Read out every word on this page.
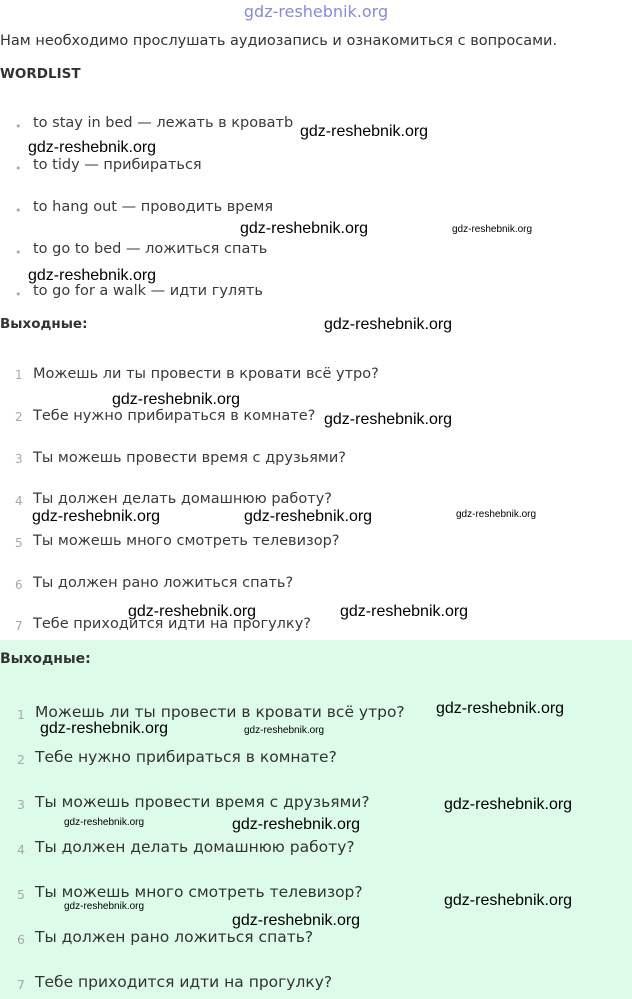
gdz-reshebnik.org
Нам необходимо прослушать аудиозапись и ознакомиться с вопросами.
WORDLIST
• to stay in bed — лежать в кроватb
• to tidy — прибираться
• to hang out — проводить время
• to go to bed — ложиться спать
• to go for a walk — идти гулять
Выходные:
1 Можешь ли ты провести в кровати всё утро?
2 Тебе нужно прибираться в комнате?
3 Ты можешь провести время с друзьями?
4 Ты должен делать домашнюю работу?
5 Ты можешь много смотреть телевизор?
6 Ты должен рано ложиться спать?
7 Тебе приходится идти на прогулку?
Выходные:
1 Можешь ли ты провести в кровати всё утро?
2 Тебе нужно прибираться в комнате?
3 Ты можешь провести время с друзьями?
4 Ты должен делать домашнюю работу?
5 Ты можешь много смотреть телевизор?
6 Ты должен рано ложиться спать?
7 Тебе приходится идти на прогулку?
gdz-reshebnik.org
gdz-reshebnik.org
gdz-reshebnik.org	gdz-reshebnik.org
gdz-reshebnik.org
gdz-reshebnik.org
gdz-reshebnik.org
gdz-reshebnik.org
gdz-reshebnik.org	gdz-reshebnik.org	gdz-reshebnik.org
gdz-reshebnik.org	gdz-reshebnik.org
gdz-reshebnik.org
gdz-reshebnik.org	gdz-reshebnik.org
gdz-reshebnik.org
gdz-reshebnik.org	gdz-reshebnik.org
gdz-reshebnik.org
gdz-reshebnik.org
gdz-reshebnik.org
